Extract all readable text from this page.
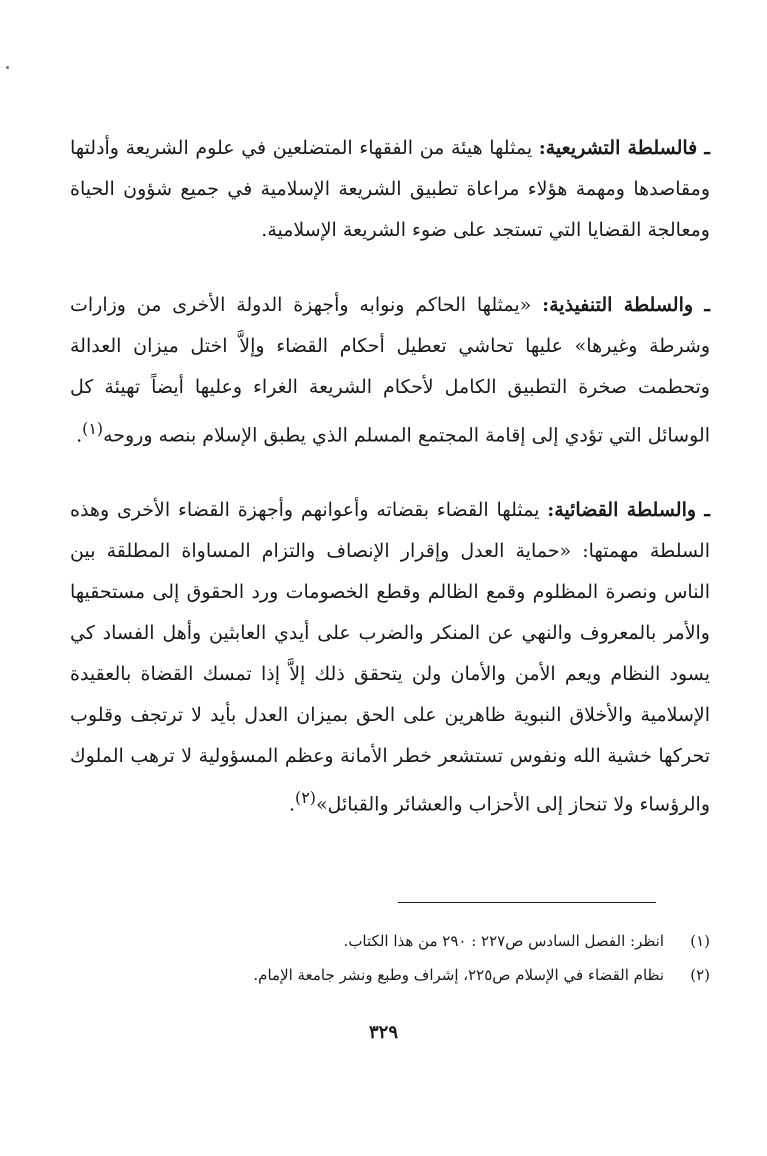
ـ فالسلطة التشريعية: يمثلها هيئة من الفقهاء المتضلعين في علوم الشريعة وأدلتها ومقاصدها ومهمة هؤلاء مراعاة تطبيق الشريعة الإسلامية في جميع شؤون الحياة ومعالجة القضايا التي تستجد على ضوء الشريعة الإسلامية.

ـ والسلطة التنفيذية: «يمثلها الحاكم ونوابه وأجهزة الدولة الأخرى من وزارات وشرطة وغيرها» عليها تحاشي تعطيل أحكام القضاء وإلاَّ اختل ميزان العدالة وتحطمت صخرة التطبيق الكامل لأحكام الشريعة الغراء وعليها أيضاً تهيئة كل الوسائل التي تؤدي إلى إقامة المجتمع المسلم الذي يطبق الإسلام بنصه وروحه$^{(١)}$.

ـ والسلطة القضائية: يمثلها القضاء بقضاته وأعوانهم وأجهزة القضاء الأخرى وهذه السلطة مهمتها: «حماية العدل وإقرار الإنصاف والتزام المساواة المطلقة بين الناس ونصرة المظلوم وقمع الظالم وقطع الخصومات ورد الحقوق إلى مستحقيها والأمر بالمعروف والنهي عن المنكر والضرب على أيدي العابثين وأهل الفساد كي يسود النظام ويعم الأمن والأمان ولن يتحقق ذلك إلاَّ إذا تمسك القضاة بالعقيدة الإسلامية والأخلاق النبوية ظاهرين على الحق بميزان العدل بأيد لا ترتجف وقلوب تحركها خشية الله ونفوس تستشعر خطر الأمانة وعظم المسؤولية لا ترهب الملوك والرؤساء ولا تنحاز إلى الأحزاب والعشائر والقبائل»$^{(٢)}$.

(١)
انظر: الفصل السادس ص٢٢٧ : ٢٩٠ من هذا الكتاب.
(٢)
نظام القضاء في الإسلام ص٢٢٥، إشراف وطبع ونشر جامعة الإمام.
٣٢٩
